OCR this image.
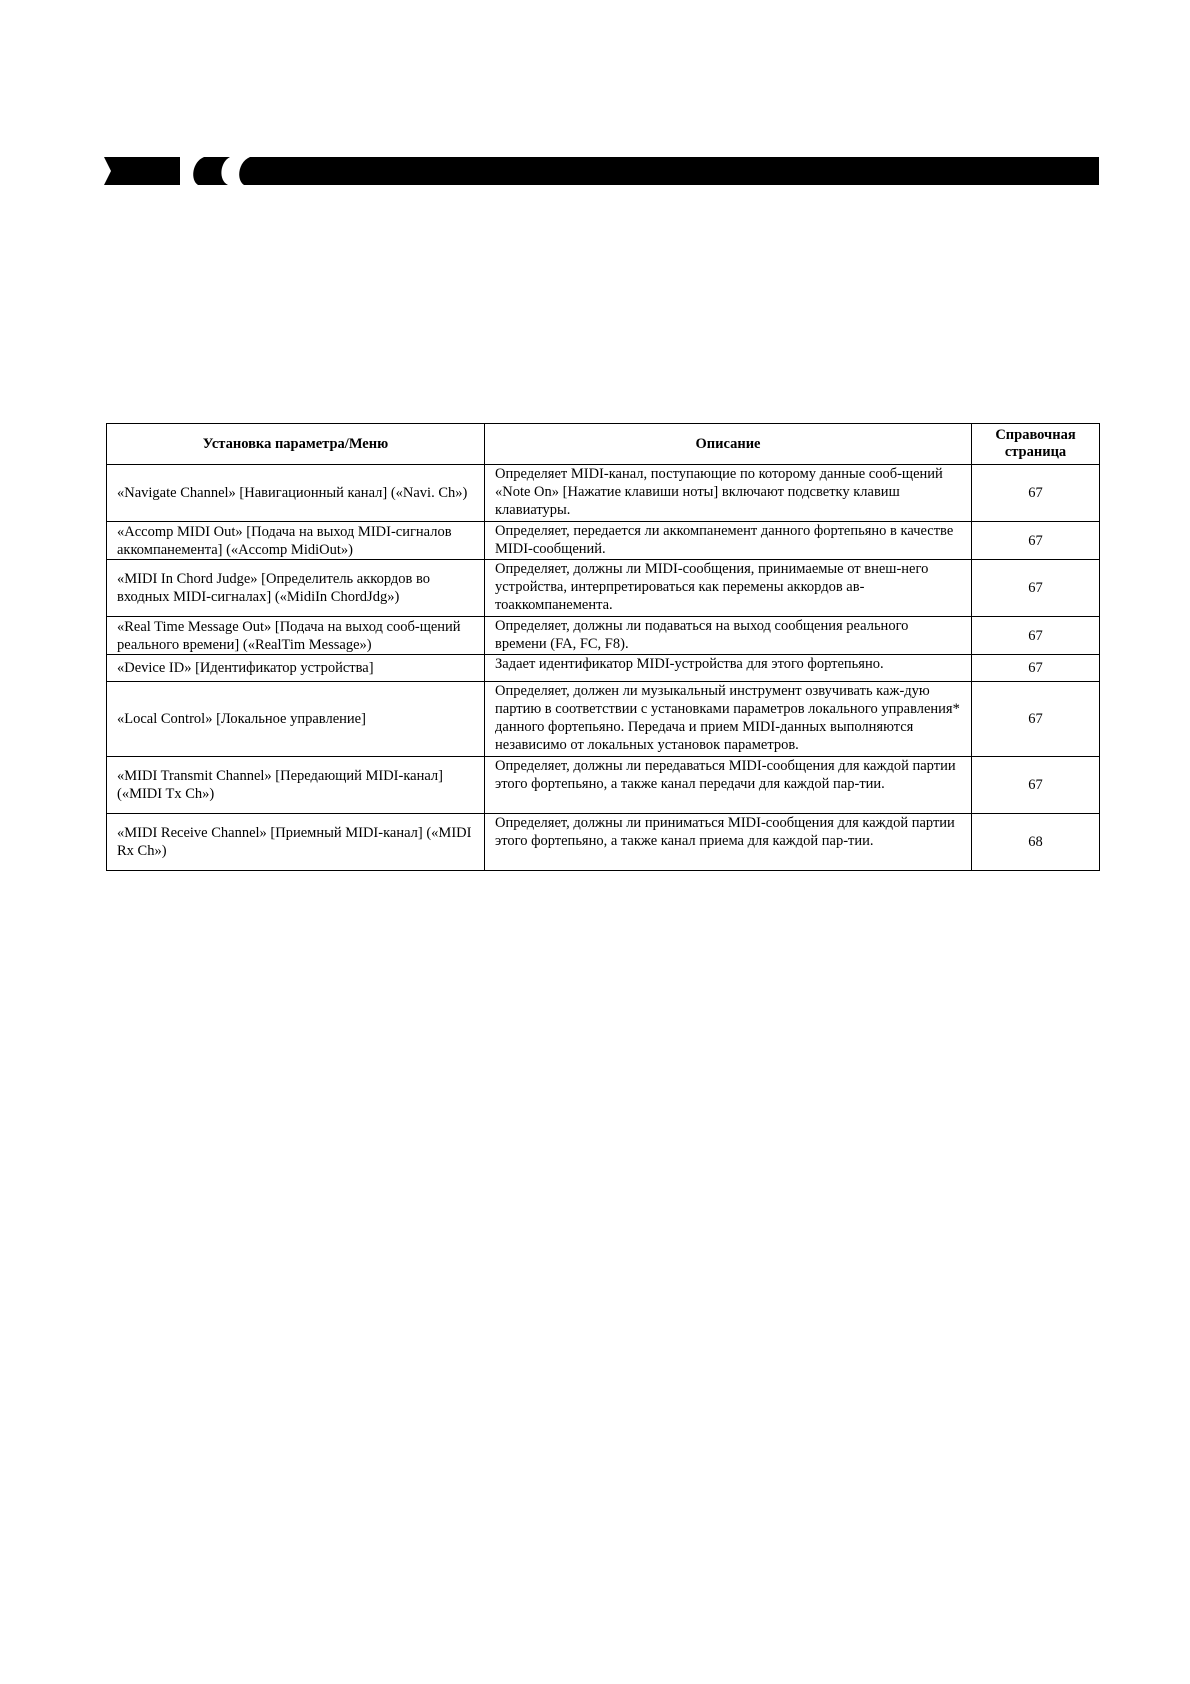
Установка параметра/Меню	Описание	Справочная страница
«Navigate Channel» [Навигационный канал] («Navi. Ch»)	Определяет MIDI-канал, поступающие по которому данные сооб-щений «Note On» [Нажатие клавиши ноты] включают подсветку клавиш клавиатуры.	67
«Accomp MIDI Out» [Подача на выход MIDI-сигналов аккомпанемента] («Accomp MidiOut»)	Определяет, передается ли аккомпанемент данного фортепьяно в качестве MIDI-сообщений.	67
«MIDI In Chord Judge» [Определитель аккордов во входных MIDI-сигналах] («MidiIn ChordJdg»)	Определяет, должны ли MIDI-сообщения, принимаемые от внеш-него устройства, интерпретироваться как перемены аккордов ав-тоаккомпанемента.	67
«Real Time Message Out» [Подача на выход сооб-щений реального времени] («RealTim Message»)	Определяет, должны ли подаваться на выход сообщения реального времени (FA, FC, F8).	67
«Device ID» [Идентификатор устройства]	Задает идентификатор MIDI-устройства для этого фортепьяно.	67
«Local Control» [Локальное управление]	Определяет, должен ли музыкальный инструмент озвучивать каж-дую партию в соответствии с установками параметров локального управления* данного фортепьяно. Передача и прием MIDI-данных выполняются независимо от локальных установок параметров.	67
«MIDI Transmit Channel» [Передающий MIDI-канал] («MIDI Tx Ch»)	Определяет, должны ли передаваться MIDI-сообщения для каждой партии этого фортепьяно, а также канал передачи для каждой пар-тии.	67
«MIDI Receive Channel» [Приемный MIDI-канал] («MIDI Rx Ch»)	Определяет, должны ли приниматься MIDI-сообщения для каждой партии этого фортепьяно, а также канал приема для каждой пар-тии.	68
